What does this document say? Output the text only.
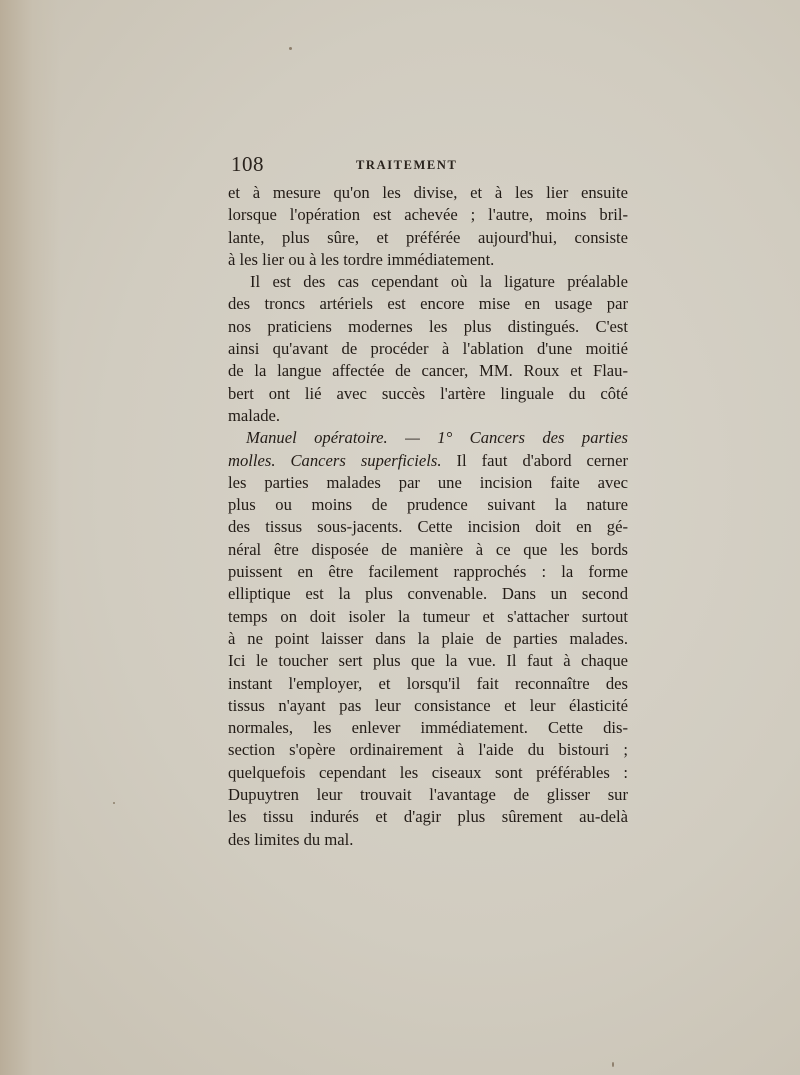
108	TRAITEMENT
et à mesure qu'on les divise, et à les lier ensuite
lorsque l'opération est achevée ; l'autre, moins bril-
lante, plus sûre, et préférée aujourd'hui, consiste
à les lier ou à les tordre immédiatement.
Il est des cas cependant où la ligature préalable
des troncs artériels est encore mise en usage par
nos praticiens modernes les plus distingués. C'est
ainsi qu'avant de procéder à l'ablation d'une moitié
de la langue affectée de cancer, MM. Roux et Flau-
bert ont lié avec succès l'artère linguale du côté
malade.
Manuel opératoire. — 1° Cancers des parties
molles. Cancers superficiels. Il faut d'abord cerner
les parties malades par une incision faite avec
plus ou moins de prudence suivant la nature
des tissus sous-jacents. Cette incision doit en gé-
néral être disposée de manière à ce que les bords
puissent en être facilement rapprochés : la forme
elliptique est la plus convenable. Dans un second
temps on doit isoler la tumeur et s'attacher surtout
à ne point laisser dans la plaie de parties malades.
Ici le toucher sert plus que la vue. Il faut à chaque
instant l'employer, et lorsqu'il fait reconnaître des
tissus n'ayant pas leur consistance et leur élasticité
normales, les enlever immédiatement. Cette dis-
section s'opère ordinairement à l'aide du bistouri ;
quelquefois cependant les ciseaux sont préférables :
Dupuytren leur trouvait l'avantage de glisser sur
les tissu indurés et d'agir plus sûrement au-delà
des limites du mal.
